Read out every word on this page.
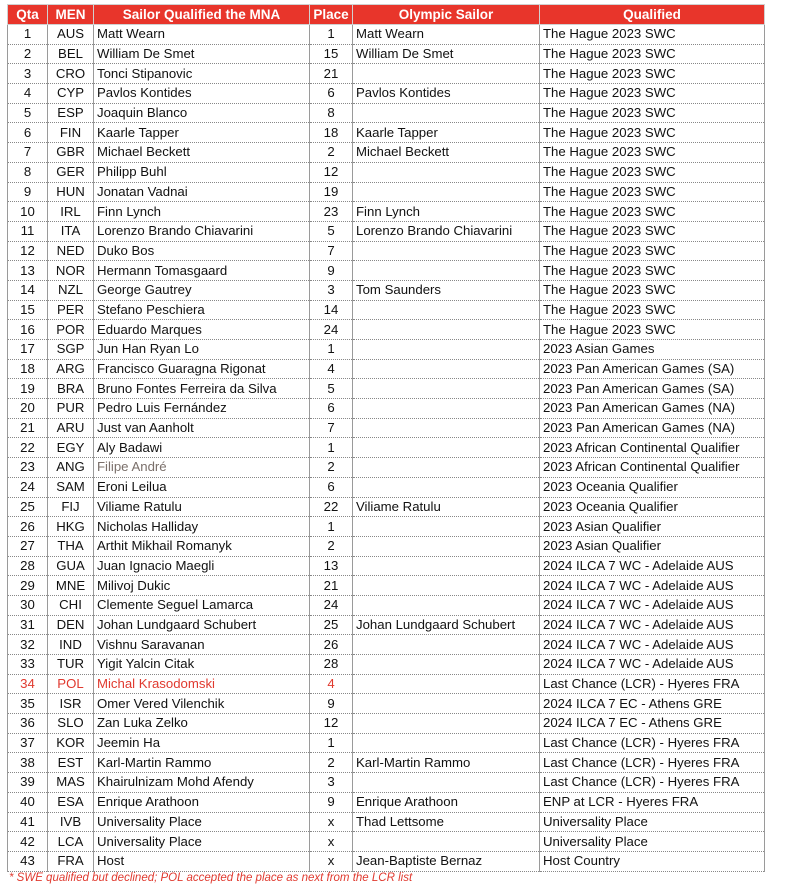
Qta	MEN	Sailor Qualified the MNA	Place	Olympic Sailor	Qualified
1	AUS	Matt Wearn	1	Matt Wearn	The Hague 2023 SWC
2	BEL	William De Smet	15	William De Smet	The Hague 2023 SWC
3	CRO	Tonci Stipanovic	21		The Hague 2023 SWC
4	CYP	Pavlos Kontides	6	Pavlos Kontides	The Hague 2023 SWC
5	ESP	Joaquin Blanco	8		The Hague 2023 SWC
6	FIN	Kaarle Tapper	18	Kaarle Tapper	The Hague 2023 SWC
7	GBR	Michael Beckett	2	Michael Beckett	The Hague 2023 SWC
8	GER	Philipp Buhl	12		The Hague 2023 SWC
9	HUN	Jonatan Vadnai	19		The Hague 2023 SWC
10	IRL	Finn Lynch	23	Finn Lynch	The Hague 2023 SWC
11	ITA	Lorenzo Brando Chiavarini	5	Lorenzo Brando Chiavarini	The Hague 2023 SWC
12	NED	Duko Bos	7		The Hague 2023 SWC
13	NOR	Hermann Tomasgaard	9		The Hague 2023 SWC
14	NZL	George Gautrey	3	Tom Saunders	The Hague 2023 SWC
15	PER	Stefano Peschiera	14		The Hague 2023 SWC
16	POR	Eduardo Marques	24		The Hague 2023 SWC
17	SGP	Jun Han Ryan Lo	1		2023 Asian Games
18	ARG	Francisco Guaragna Rigonat	4		2023 Pan American Games (SA)
19	BRA	Bruno Fontes Ferreira da Silva	5		2023 Pan American Games (SA)
20	PUR	Pedro Luis Fernández	6		2023 Pan American Games (NA)
21	ARU	Just van Aanholt	7		2023 Pan American Games (NA)
22	EGY	Aly Badawi	1		2023 African Continental Qualifier
23	ANG	Filipe André	2		2023 African Continental Qualifier
24	SAM	Eroni Leilua	6		2023 Oceania Qualifier
25	FIJ	Viliame Ratulu	22	Viliame Ratulu	2023 Oceania Qualifier
26	HKG	Nicholas Halliday	1		2023 Asian Qualifier
27	THA	Arthit Mikhail Romanyk	2		2023 Asian Qualifier
28	GUA	Juan Ignacio Maegli	13		2024 ILCA 7 WC - Adelaide AUS
29	MNE	Milivoj Dukic	21		2024 ILCA 7 WC - Adelaide AUS
30	CHI	Clemente Seguel Lamarca	24		2024 ILCA 7 WC - Adelaide AUS
31	DEN	Johan Lundgaard Schubert	25	Johan Lundgaard Schubert	2024 ILCA 7 WC - Adelaide AUS
32	IND	Vishnu Saravanan	26		2024 ILCA 7 WC - Adelaide AUS
33	TUR	Yigit Yalcin Citak	28		2024 ILCA 7 WC - Adelaide AUS
34	POL	Michal Krasodomski	4		Last Chance (LCR) - Hyeres FRA
35	ISR	Omer Vered Vilenchik	9		2024 ILCA 7 EC - Athens GRE
36	SLO	Zan Luka Zelko	12		2024 ILCA 7 EC - Athens GRE
37	KOR	Jeemin Ha	1		Last Chance (LCR) - Hyeres FRA
38	EST	Karl-Martin Rammo	2	Karl-Martin Rammo	Last Chance (LCR) - Hyeres FRA
39	MAS	Khairulnizam Mohd Afendy	3		Last Chance (LCR) - Hyeres FRA
40	ESA	Enrique Arathoon	9	Enrique Arathoon	ENP at LCR - Hyeres FRA
41	IVB	Universality Place	x	Thad Lettsome	Universality Place
42	LCA	Universality Place	x		Universality Place
43	FRA	Host	x	Jean-Baptiste Bernaz	Host Country
* SWE qualified but declined; POL accepted the place as next from the LCR list
